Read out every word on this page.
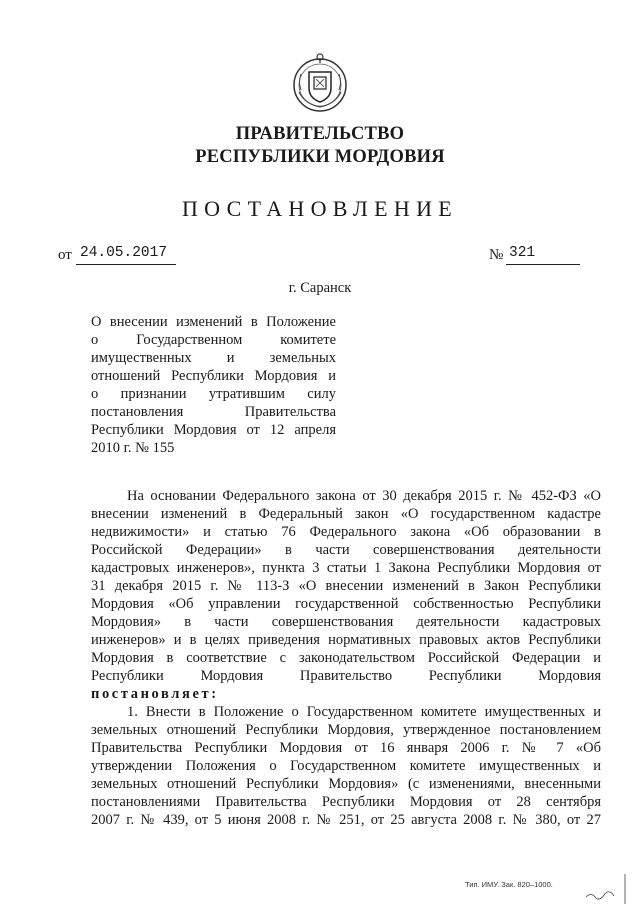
ПРАВИТЕЛЬСТВО
РЕСПУБЛИКИ МОРДОВИЯ
ПОСТАНОВЛЕНИЕ
от 24.05.2017	№ 321
г. Саранск
О внесении изменений в Положение
о Государственном комитете
имущественных и земельных
отношений Республики Мордовия и
о признании утратившим силу
постановления Правительства
Республики Мордовия от 12 апреля
2010 г. № 155
На основании Федерального закона от 30 декабря 2015 г. № 452-ФЗ «О
внесении изменений в Федеральный закон «О государственном кадастре
недвижимости» и статью 76 Федерального закона «Об образовании в
Российской Федерации» в части совершенствования деятельности
кадастровых инженеров», пункта 3 статьи 1 Закона Республики Мордовия от
31 декабря 2015 г. № 113-З «О внесении изменений в Закон Республики
Мордовия «Об управлении государственной собственностью Республики
Мордовия» в части совершенствования деятельности кадастровых
инженеров» и в целях приведения нормативных правовых актов Республики
Мордовия в соответствие с законодательством Российской Федерации и
Республики Мордовия Правительство Республики Мордовия
постановляет:
1. Внести в Положение о Государственном комитете имущественных и
земельных отношений Республики Мордовия, утвержденное постановлением
Правительства Республики Мордовия от 16 января 2006 г. № 7 «Об
утверждении Положения о Государственном комитете имущественных и
земельных отношений Республики Мордовия» (с изменениями, внесенными
постановлениями Правительства Республики Мордовия от 28 сентября
2007 г. № 439, от 5 июня 2008 г. № 251, от 25 августа 2008 г. № 380, от 27
Тип. ИМУ. Зак. 820–1000.
